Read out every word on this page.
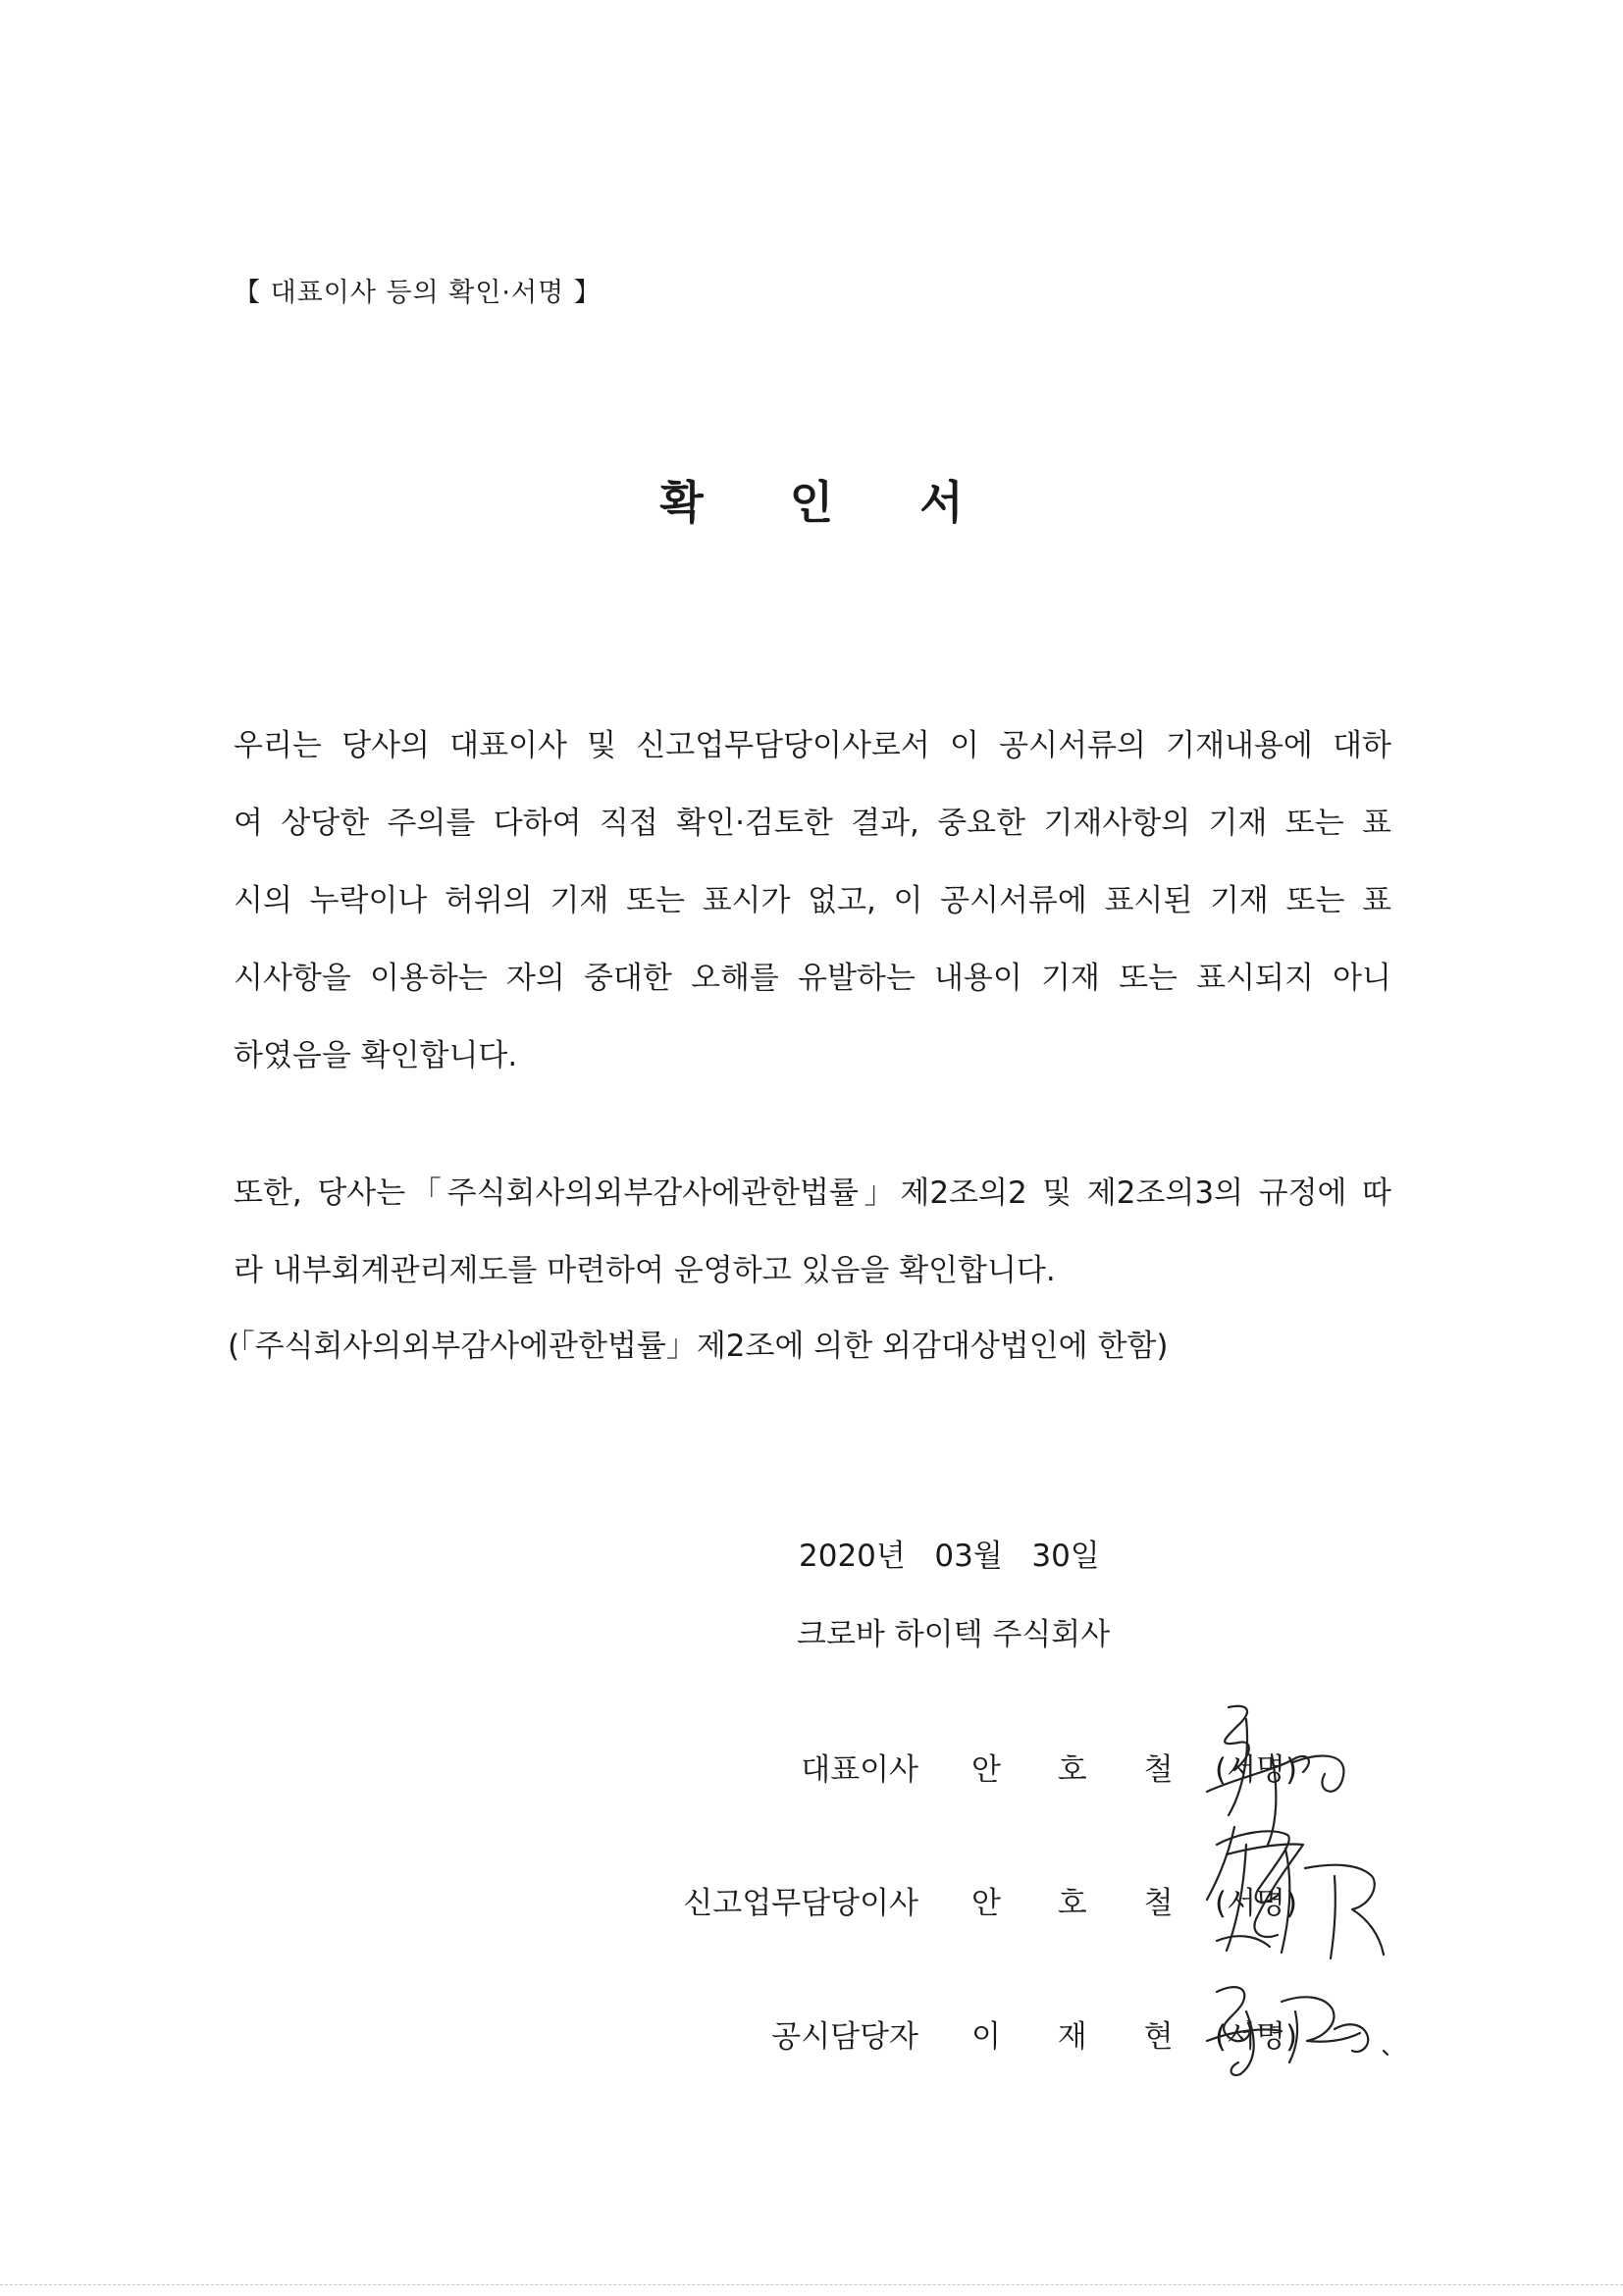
【 대표이사 등의 확인·서명 】
확 인 서
우리는 당사의 대표이사 및 신고업무담당이사로서 이 공시서류의 기재내용에 대하
여 상당한 주의를 다하여 직접 확인·검토한 결과, 중요한 기재사항의 기재 또는 표
시의 누락이나 허위의 기재 또는 표시가 없고, 이 공시서류에 표시된 기재 또는 표
시사항을 이용하는 자의 중대한 오해를 유발하는 내용이 기재 또는 표시되지 아니
하였음을 확인합니다.
또한, 당사는「주식회사의외부감사에관한법률」제2조의2 및 제2조의3의 규정에 따
라 내부회계관리제도를 마련하여 운영하고 있음을 확인합니다.
(「주식회사의외부감사에관한법률」제2조에 의한 외감대상법인에 한함)
2020년   03월   30일
크로바 하이텍 주식회사
대표이사 안 호 철 (서명)
신고업무담당이사 안 호 철 (서명)
공시담당자 이 재 현 (서명)
